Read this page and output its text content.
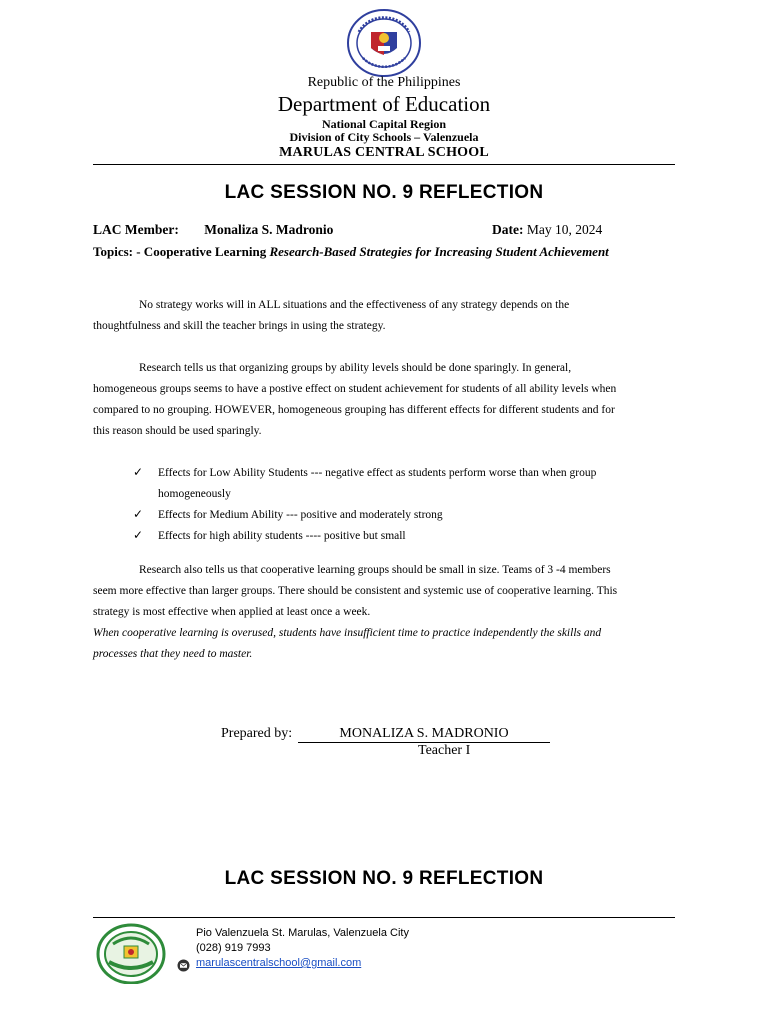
Republic of the Philippines
Department of Education
National Capital Region
Division of City Schools – Valenzuela
MARULAS CENTRAL SCHOOL
LAC SESSION NO. 9 REFLECTION
LAC Member: Monaliza S. Madronio	Date: May 10, 2024
Topics: - Cooperative Learning Research-Based Strategies for Increasing Student Achievement
No strategy works will in ALL situations and the effectiveness of any strategy depends on the
thoughtfulness and skill the teacher brings in using the strategy.
Research tells us that organizing groups by ability levels should be done sparingly. In general,
homogeneous groups seems to have a postive effect on student achievement for students of all ability levels when
compared to no grouping. HOWEVER, homogeneous grouping has different effects for different students and for
this reason should be used sparingly.
✓ Effects for Low Ability Students --- negative effect as students perform worse than when group
homogeneously
✓ Effects for Medium Ability --- positive and moderately strong
✓ Effects for high ability students ---- positive but small
Research also tells us that cooperative learning groups should be small in size. Teams of 3 -4 members
seem more effective than larger groups. There should be consistent and systemic use of cooperative learning. This
strategy is most effective when applied at least once a week.
When cooperative learning is overused, students have insufficient time to practice independently the skills and
processes that they need to master.
Prepared by:	MONALIZA S. MADRONIO
Teacher I
LAC SESSION NO. 9 REFLECTION
Pio Valenzuela St. Marulas, Valenzuela City
(028) 919 7993
marulascentralschool@gmail.com
